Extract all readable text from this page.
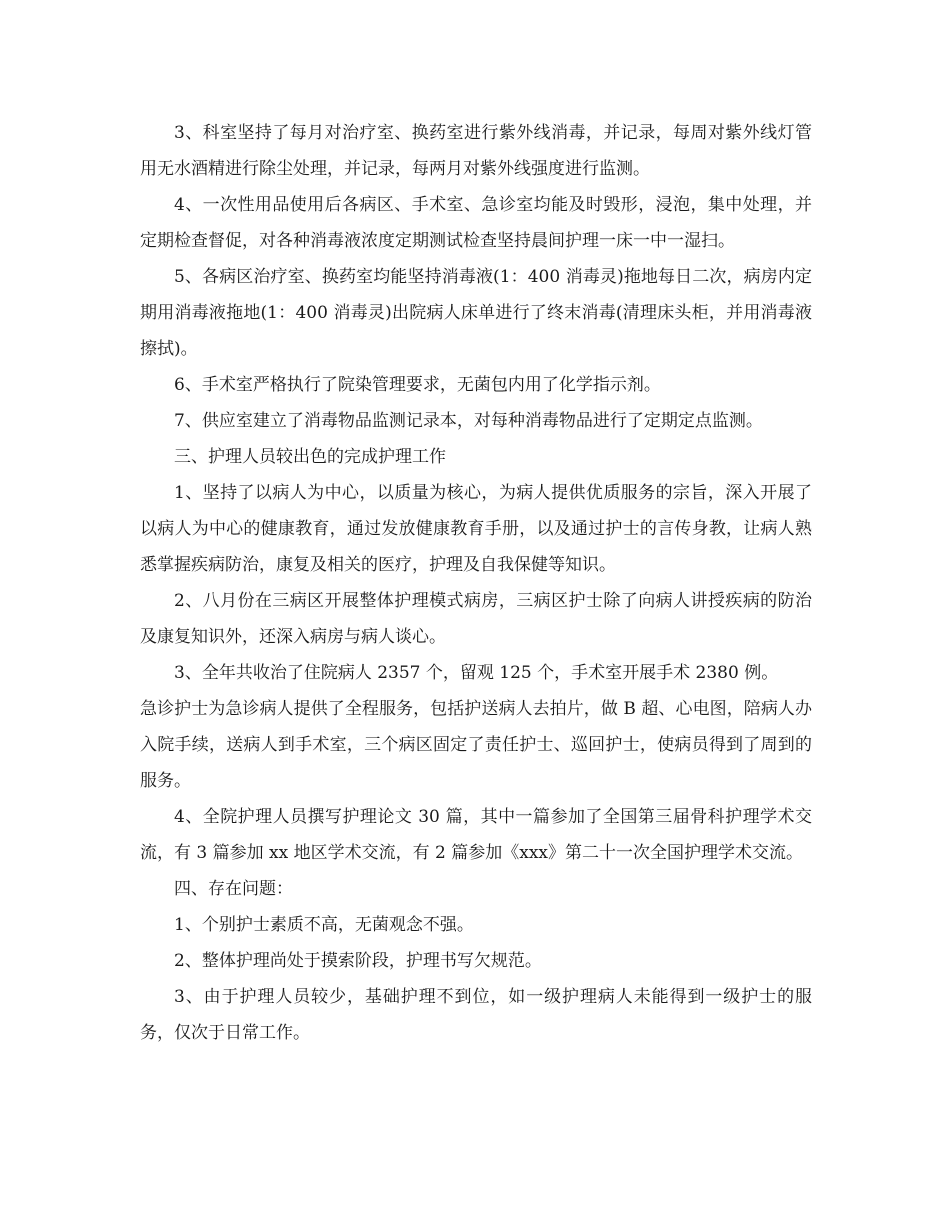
3、科室坚持了每月对治疗室、换药室进行紫外线消毒，并记录，每周对紫外线灯管用无水酒精进行除尘处理，并记录，每两月对紫外线强度进行监测。

4、一次性用品使用后各病区、手术室、急诊室均能及时毁形，浸泡，集中处理，并定期检查督促，对各种消毒液浓度定期测试检查坚持晨间护理一床一中一湿扫。

5、各病区治疗室、换药室均能坚持消毒液(1：400 消毒灵)拖地每日二次，病房内定期用消毒液拖地(1：400 消毒灵)出院病人床单进行了终末消毒(清理床头柜，并用消毒液擦拭)。

6、手术室严格执行了院染管理要求，无菌包内用了化学指示剂。

7、供应室建立了消毒物品监测记录本，对每种消毒物品进行了定期定点监测。

三、护理人员较出色的完成护理工作

1、坚持了以病人为中心，以质量为核心，为病人提供优质服务的宗旨，深入开展了以病人为中心的健康教育，通过发放健康教育手册，以及通过护士的言传身教，让病人熟悉掌握疾病防治，康复及相关的医疗，护理及自我保健等知识。

2、八月份在三病区开展整体护理模式病房，三病区护士除了向病人讲授疾病的防治及康复知识外，还深入病房与病人谈心。

3、全年共收治了住院病人 2357 个，留观 125 个，手术室开展手术 2380 例。

急诊护士为急诊病人提供了全程服务，包括护送病人去拍片，做 B 超、心电图，陪病人办入院手续，送病人到手术室，三个病区固定了责任护士、巡回护士，使病员得到了周到的服务。

4、全院护理人员撰写护理论文 30 篇，其中一篇参加了全国第三届骨科护理学术交流，有 3 篇参加 xx 地区学术交流，有 2 篇参加《xxx》第二十一次全国护理学术交流。

四、存在问题：

1、个别护士素质不高，无菌观念不强。

2、整体护理尚处于摸索阶段，护理书写欠规范。

3、由于护理人员较少，基础护理不到位，如一级护理病人未能得到一级护士的服务，仅次于日常工作。
